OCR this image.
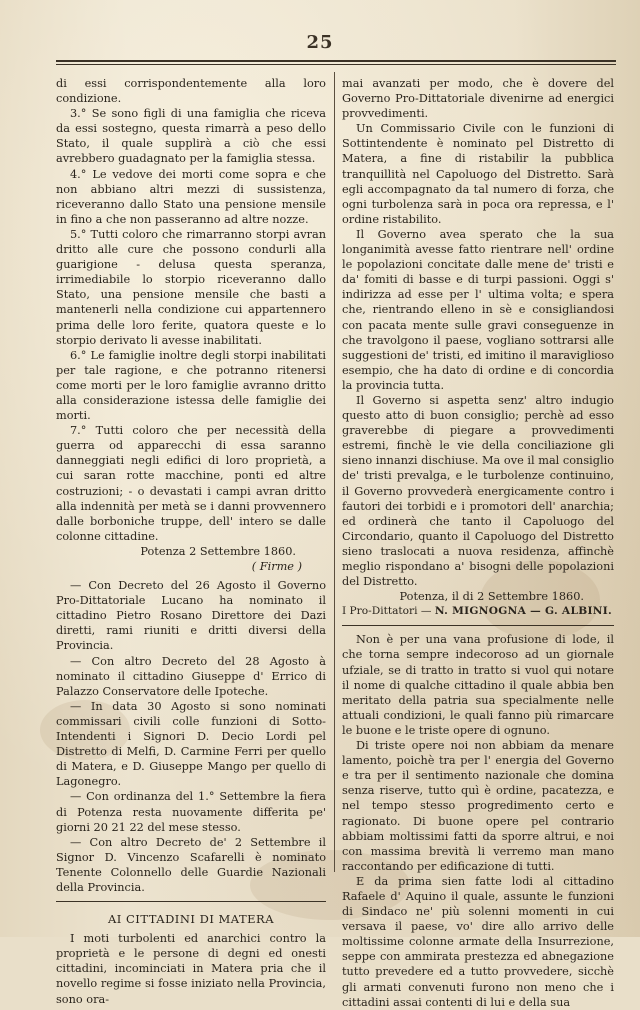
25

di essi corrispondentemente alla loro condizione.

3.° Se sono figli di una famiglia che riceva da essi sostegno, questa rimarrà a peso dello Stato, il quale supplirà a ciò che essi avrebbero guadagnato per la famiglia stessa.

4.° Le vedove dei morti come sopra e che non abbiano altri mezzi di sussistenza, riceveranno dallo Stato una pensione mensile in fino a che non passeranno ad altre nozze.

5.° Tutti coloro che rimarranno storpi avran dritto alle cure che possono condurli alla guarigione - delusa questa speranza, irrimediabile lo storpio riceveranno dallo Stato, una pensione mensile che basti a mantenerli nella condizione cui appartennero prima delle loro ferite, quatora queste e lo storpio derivato li avesse inabilitati.

6.° Le famiglie inoltre degli storpi inabilitati per tale ragione, e che potranno ritenersi come morti per le loro famiglie avranno dritto alla considerazione istessa delle famiglie dei morti.

7.° Tutti coloro che per necessità della guerra od apparecchi di essa saranno danneggiati negli edifici di loro proprietà, a cui saran rotte macchine, ponti ed altre costruzioni; - o devastati i campi avran dritto alla indennità per metà se i danni provvennero dalle borboniche truppe, dell' intero se dalle colonne cittadine.

Potenza 2 Settembre 1860.

( Firme )

— Con Decreto del 26 Agosto il Governo Pro-Dittatoriale Lucano ha nominato il cittadino Pietro Rosano Direttore dei Dazi diretti, rami riuniti e dritti diversi della Provincia.

— Con altro Decreto del 28 Agosto à nominato il cittadino Giuseppe d' Errico di Palazzo Conservatore delle Ipoteche.

— In data 30 Agosto si sono nominati commissari civili colle funzioni di Sotto-Intendenti i Signori D. Decio Lordi pel Distretto di Melfi, D. Carmine Ferri per quello di Matera, e D. Giuseppe Mango per quello di Lagonegro.

— Con ordinanza del 1.° Settembre la fiera di Potenza resta nuovamente differita pe' giorni 20 21 22 del mese stesso.

— Con altro Decreto de' 2 Settembre il Signor D. Vincenzo Scafarelli è nominato Tenente Colonnello delle Guardie Nazionali della Provincia.

AI CITTADINI DI MATERA

I moti turbolenti ed anarchici contro la proprietà e le persone di degni ed onesti cittadini, incominciati in Matera pria che il novello regime si fosse iniziato nella Provincia, sono ora-

mai avanzati per modo, che è dovere del Governo Pro-Dittatoriale divenirne ad energici provvedimenti.

Un Commissario Civile con le funzioni di Sottintendente è nominato pel Distretto di Matera, a fine di ristabilir la pubblica tranquillità nel Capoluogo del Distretto. Sarà egli accompagnato da tal numero di forza, che ogni turbolenza sarà in poca ora repressa, e l' ordine ristabilito.

Il Governo avea sperato che la sua longanimità avesse fatto rientrare nell' ordine le popolazioni concitate dalle mene de' tristi e da' fomiti di basse e di turpi passioni. Oggi s' indirizza ad esse per l' ultima volta; e spera che, rientrando elleno in sè e consigliandosi con pacata mente sulle gravi conseguenze in che travolgono il paese, vogliano sottrarsi alle suggestioni de' tristi, ed imitino il maraviglioso esempio, che ha dato di ordine e di concordia la provincia tutta.

Il Governo si aspetta senz' altro indugio questo atto di buon consiglio; perchè ad esso graverebbe di piegare a provvedimenti estremi, finchè le vie della conciliazione gli sieno innanzi dischiuse. Ma ove il mal consiglio de' tristi prevalga, e le turbolenze continuino, il Governo provvederà energicamente contro i fautori dei torbidi e i promotori dell' anarchia; ed ordinerà che tanto il Capoluogo del Circondario, quanto il Capoluogo del Distretto sieno traslocati a nuova residenza, affinchè meglio rispondano a' bisogni delle popolazioni del Distretto.

Potenza, il di 2 Settembre 1860.

I Pro-Dittatori — N. MIGNOGNA — G. ALBINI.

Non è per una vana profusione di lode, il che torna sempre indecoroso ad un giornale ufziale, se di tratto in tratto si vuol qui notare il nome di qualche cittadino il quale abbia ben meritato della patria sua specialmente nelle attuali condizioni, le quali fanno più rimarcare le buone e le triste opere di ognuno.

Di triste opere noi non abbiam da menare lamento, poichè tra per l' energia del Governo e tra per il sentimento nazionale che domina senza riserve, tutto quì è ordine, pacatezza, e nel tempo stesso progredimento certo e ragionato. Di buone opere pel contrario abbiam moltissimi fatti da sporre altrui, e noi con massima brevità li verremo man mano raccontando per edificazione di tutti.

E da prima sien fatte lodi al cittadino Rafaele d' Aquino il quale, assunte le funzioni di Sindaco ne' più solenni momenti in cui versava il paese, vo' dire allo arrivo delle moltissime colonne armate della Insurrezione, seppe con ammirata prestezza ed abnegazione tutto prevedere ed a tutto provvedere, sicchè gli armati convenuti furono non meno che i cittadini assai contenti di lui e della sua
